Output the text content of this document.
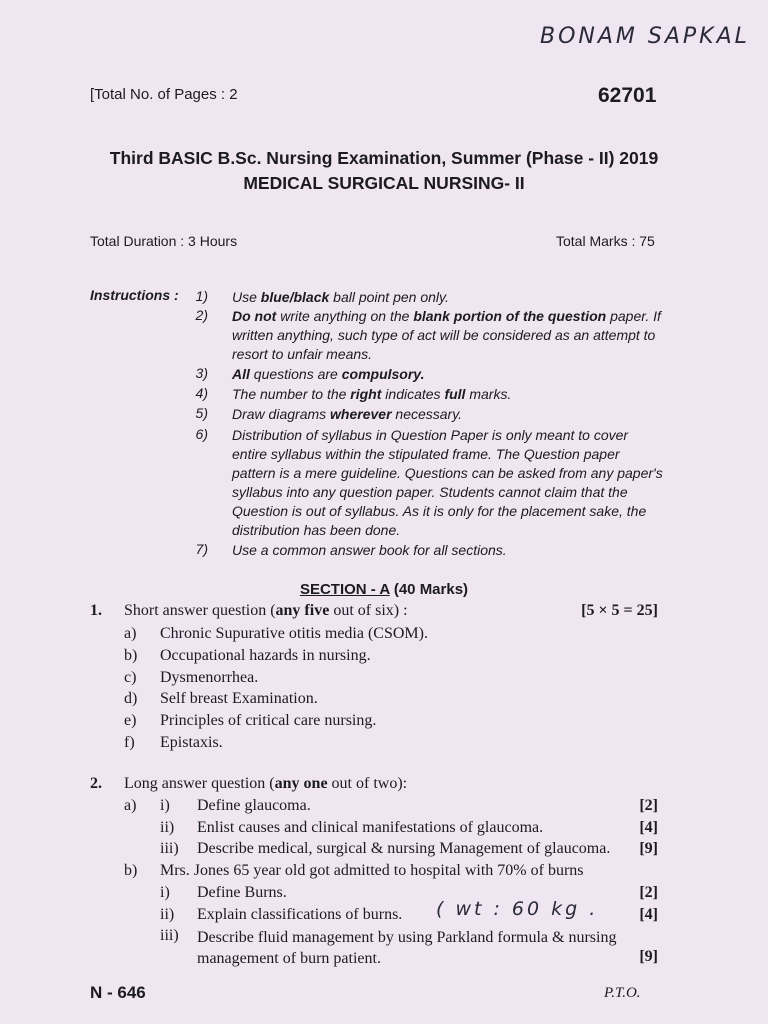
BONAM SAPKAL
[Total No. of Pages : 2	62701
Third BASIC B.Sc. Nursing Examination, Summer (Phase - II) 2019
MEDICAL SURGICAL NURSING- II
Total Duration : 3 Hours	Total Marks : 75
Instructions :	1) Use blue/black ball point pen only.
2) Do not write anything on the blank portion of the question paper. If written anything, such type of act will be considered as an attempt to resort to unfair means.
3) All questions are compulsory.
4) The number to the right indicates full marks.
5) Draw diagrams wherever necessary.
6) Distribution of syllabus in Question Paper is only meant to cover entire syllabus within the stipulated frame. The Question paper pattern is a mere guideline. Questions can be asked from any paper's syllabus into any question paper. Students cannot claim that the Question is out of syllabus. As it is only for the placement sake, the distribution has been done.
7) Use a common answer book for all sections.
SECTION - A (40 Marks)
1. Short answer question (any five out of six) :	[5 × 5 = 25]
a) Chronic Supurative otitis media (CSOM).
b) Occupational hazards in nursing.
c) Dysmenorrhea.
d) Self breast Examination.
e) Principles of critical care nursing.
f) Epistaxis.
2. Long answer question (any one out of two):
a) i) Define glaucoma.	[2]
ii) Enlist causes and clinical manifestations of glaucoma.	[4]
iii) Describe medical, surgical & nursing Management of glaucoma. [9]
b) Mrs. Jones 65 year old got admitted to hospital with 70% of burns
i) Define Burns.	[2]
ii) Explain classifications of burns. ( wt : 60 kg .	[4]
iii) Describe fluid management by using Parkland formula & nursing management of burn patient.	[9]
N - 646	P.T.O.
